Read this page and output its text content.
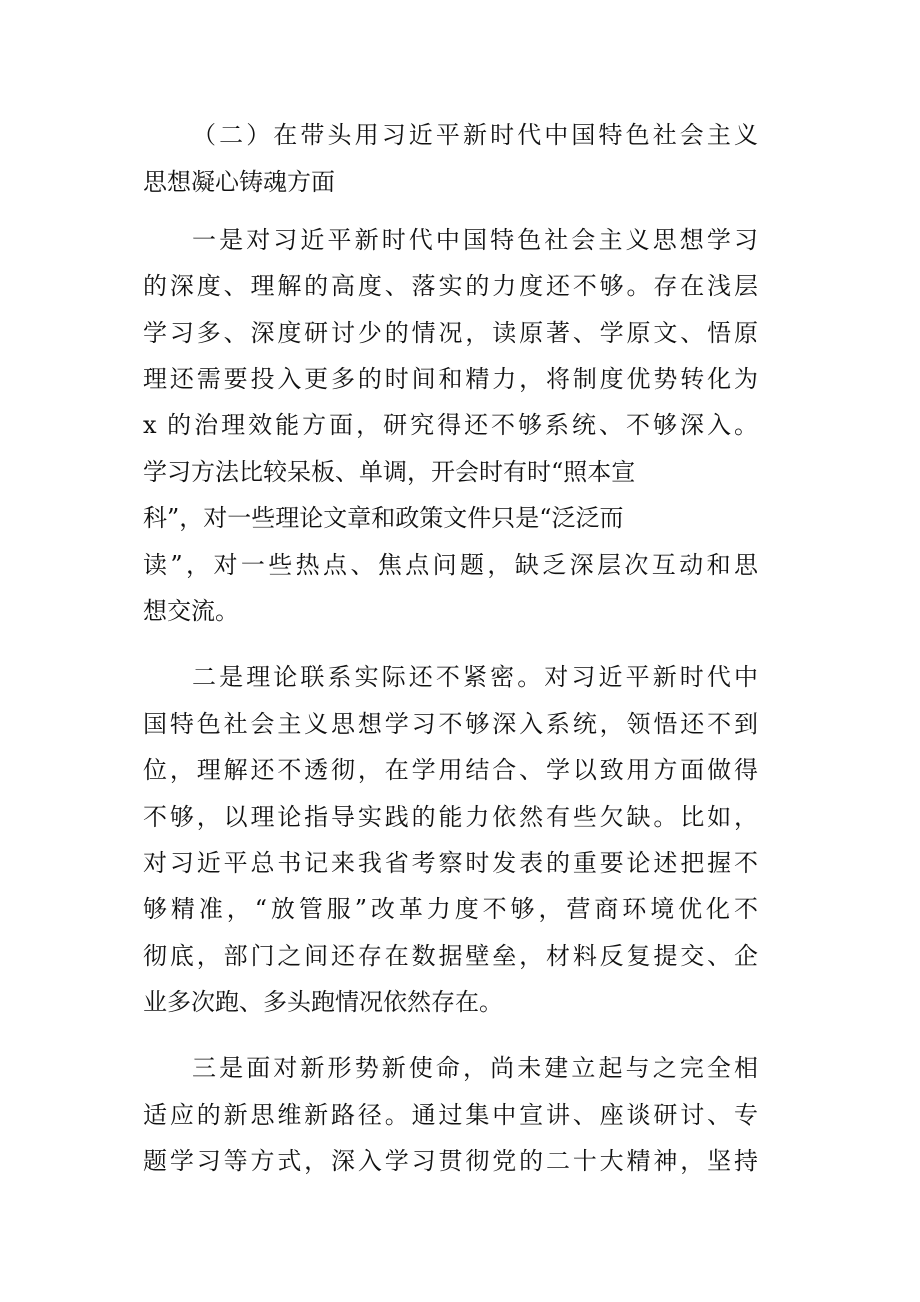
（二）在带头用习近平新时代中国特色社会主义
思想凝心铸魂方面
一是对习近平新时代中国特色社会主义思想学习
的深度、理解的高度、落实的力度还不够。存在浅层
学习多、深度研讨少的情况，读原著、学原文、悟原
理还需要投入更多的时间和精力，将制度优势转化为
x 的治理效能方面，研究得还不够系统、不够深入。
学习方法比较呆板、单调，开会时有时“照本宣
科”，对一些理论文章和政策文件只是“泛泛而
读”，对一些热点、焦点问题，缺乏深层次互动和思
想交流。
二是理论联系实际还不紧密。对习近平新时代中
国特色社会主义思想学习不够深入系统，领悟还不到
位，理解还不透彻，在学用结合、学以致用方面做得
不够，以理论指导实践的能力依然有些欠缺。比如，
对习近平总书记来我省考察时发表的重要论述把握不
够精准，“放管服”改革力度不够，营商环境优化不
彻底，部门之间还存在数据壁垒，材料反复提交、企
业多次跑、多头跑情况依然存在。
三是面对新形势新使命，尚未建立起与之完全相
适应的新思维新路径。通过集中宣讲、座谈研讨、专
题学习等方式，深入学习贯彻党的二十大精神，坚持
